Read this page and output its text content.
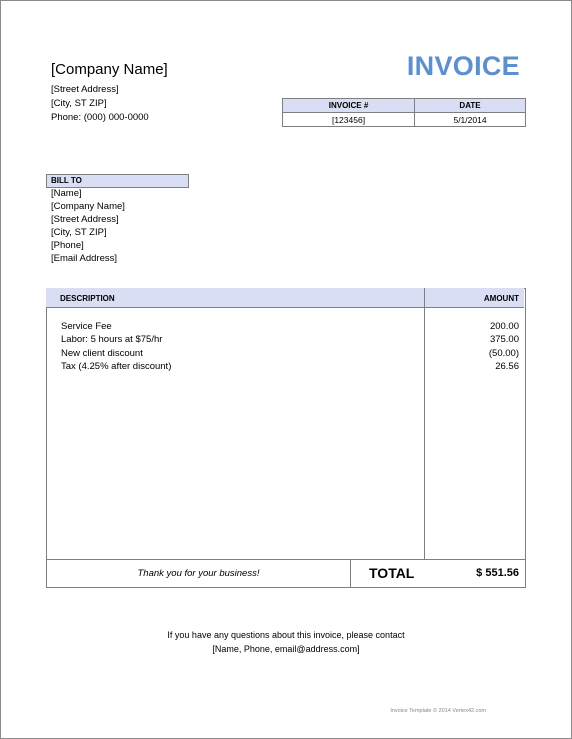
[Company Name]
[Street Address]
[City, ST ZIP]
Phone: (000) 000-0000
INVOICE
INVOICE #	DATE
[123456]	5/1/2014
BILL TO
[Name]
[Company Name]
[Street Address]
[City, ST ZIP]
[Phone]
[Email Address]
DESCRIPTION	AMOUNT
Service Fee	200.00
Labor: 5 hours at $75/hr	375.00
New client discount	(50.00)
Tax (4.25% after discount)	26.56
Thank you for your business!	TOTAL	$ 551.56
If you have any questions about this invoice, please contact
[Name, Phone, email@address.com]
Invoice Template © 2014 Vertex42.com
